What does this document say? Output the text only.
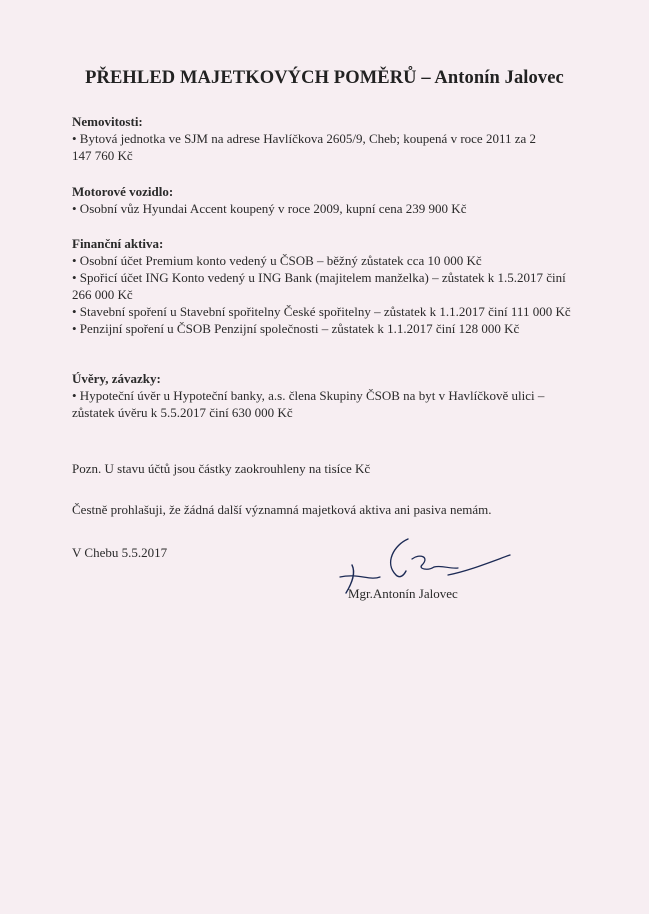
PŘEHLED MAJETKOVÝCH POMĚRŮ – Antonín Jalovec
Nemovitosti:
• Bytová jednotka ve SJM na adrese Havlíčkova 2605/9, Cheb; koupená v roce 2011 za 2 147 760 Kč
Motorové vozidlo:
• Osobní vůz Hyundai Accent koupený v roce 2009, kupní cena 239 900 Kč
Finanční aktiva:
• Osobní účet Premium konto vedený u ČSOB – běžný zůstatek cca 10 000 Kč
• Spořicí účet ING Konto vedený u ING Bank (majitelem manželka) – zůstatek k 1.5.2017 činí 266 000 Kč
• Stavební spoření u Stavební spořitelny České spořitelny – zůstatek k 1.1.2017 činí 111 000 Kč
• Penzijní spoření u ČSOB Penzijní společnosti – zůstatek k 1.1.2017 činí 128 000 Kč
Úvěry, závazky:
• Hypoteční úvěr u Hypoteční banky, a.s. člena Skupiny ČSOB na byt v Havlíčkově ulici – zůstatek úvěru k 5.5.2017 činí 630 000 Kč
Pozn. U stavu účtů jsou částky zaokrouhleny na tisíce Kč
Čestně prohlašuji, že žádná další významná majetková aktiva ani pasiva nemám.
V Chebu 5.5.2017
Mgr.Antonín Jalovec
